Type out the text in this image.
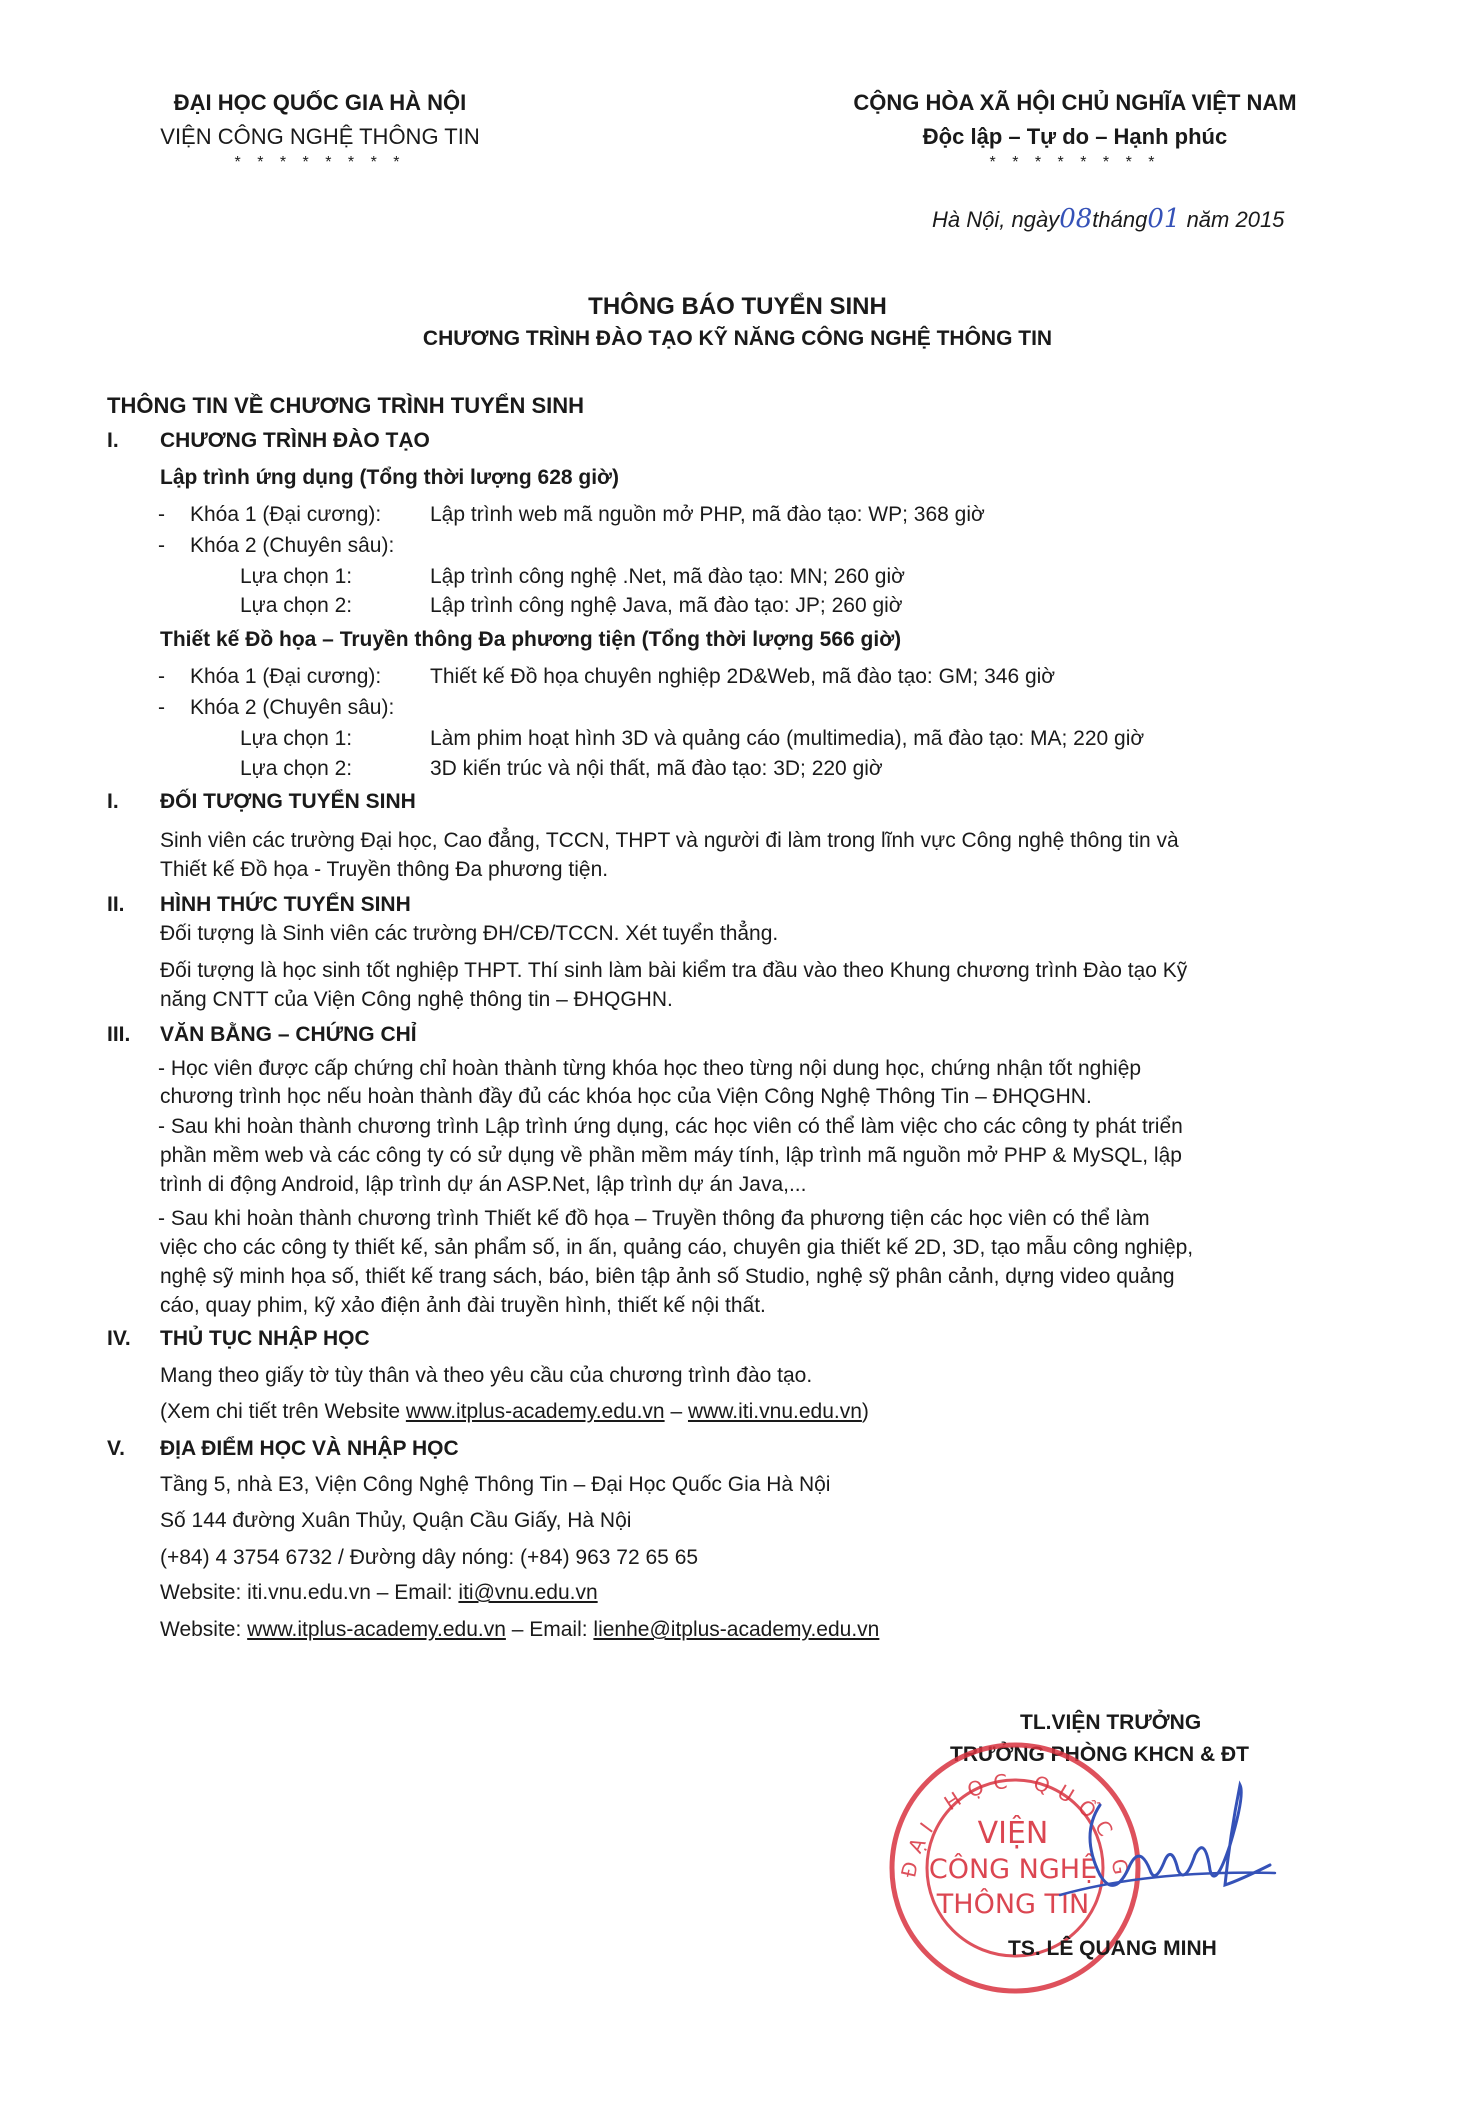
ĐẠI HỌC QUỐC GIA HÀ NỘI
VIỆN CÔNG NGHỆ THÔNG TIN
* * * * * * * *
CỘNG HÒA XÃ HỘI CHỦ NGHĨA VIỆT NAM
Độc lập – Tự do – Hạnh phúc
* * * * * * * *
Hà Nội, ngày08tháng01 năm 2015
THÔNG BÁO TUYỂN SINH
CHƯƠNG TRÌNH ĐÀO TẠO KỸ NĂNG CÔNG NGHỆ THÔNG TIN
THÔNG TIN VỀ CHƯƠNG TRÌNH TUYỂN SINH
I. CHƯƠNG TRÌNH ĐÀO TẠO
Lập trình ứng dụng (Tổng thời lượng 628 giờ)
- Khóa 1 (Đại cương): Lập trình web mã nguồn mở PHP, mã đào tạo: WP; 368 giờ
- Khóa 2 (Chuyên sâu):
Lựa chọn 1:	Lập trình công nghệ .Net, mã đào tạo: MN; 260 giờ
Lựa chọn 2:	Lập trình công nghệ Java, mã đào tạo: JP; 260 giờ
Thiết kế Đồ họa – Truyền thông Đa phương tiện (Tổng thời lượng 566 giờ)
- Khóa 1 (Đại cương): Thiết kế Đồ họa chuyên nghiệp 2D&Web, mã đào tạo: GM; 346 giờ
- Khóa 2 (Chuyên sâu):
Lựa chọn 1:	Làm phim hoạt hình 3D và quảng cáo (multimedia), mã đào tạo: MA; 220 giờ
Lựa chọn 2:	3D kiến trúc và nội thất, mã đào tạo: 3D; 220 giờ
I. ĐỐI TƯỢNG TUYỂN SINH
Sinh viên các trường Đại học, Cao đẳng, TCCN, THPT và người đi làm trong lĩnh vực Công nghệ thông tin và
Thiết kế Đồ họa - Truyền thông Đa phương tiện.
II. HÌNH THỨC TUYỂN SINH
Đối tượng là Sinh viên các trường ĐH/CĐ/TCCN. Xét tuyển thẳng.
Đối tượng là học sinh tốt nghiệp THPT. Thí sinh làm bài kiểm tra đầu vào theo Khung chương trình Đào tạo Kỹ
năng CNTT của Viện Công nghệ thông tin – ĐHQGHN.
III. VĂN BẰNG – CHỨNG CHỈ
- Học viên được cấp chứng chỉ hoàn thành từng khóa học theo từng nội dung học, chứng nhận tốt nghiệp
chương trình học nếu hoàn thành đầy đủ các khóa học của Viện Công Nghệ Thông Tin – ĐHQGHN.
- Sau khi hoàn thành chương trình Lập trình ứng dụng, các học viên có thể làm việc cho các công ty phát triển
phần mềm web và các công ty có sử dụng về phần mềm máy tính, lập trình mã nguồn mở PHP & MySQL, lập
trình di động Android, lập trình dự án ASP.Net, lập trình dự án Java,...
- Sau khi hoàn thành chương trình Thiết kế đồ họa – Truyền thông đa phương tiện các học viên có thể làm
việc cho các công ty thiết kế, sản phẩm số, in ấn, quảng cáo, chuyên gia thiết kế 2D, 3D, tạo mẫu công nghiệp,
nghệ sỹ minh họa số, thiết kế trang sách, báo, biên tập ảnh số Studio, nghệ sỹ phân cảnh, dựng video quảng
cáo, quay phim, kỹ xảo điện ảnh đài truyền hình, thiết kế nội thất.
IV. THỦ TỤC NHẬP HỌC
Mang theo giấy tờ tùy thân và theo yêu cầu của chương trình đào tạo.
(Xem chi tiết trên Website www.itplus-academy.edu.vn – www.iti.vnu.edu.vn)
V. ĐỊA ĐIỂM HỌC VÀ NHẬP HỌC
Tầng 5, nhà E3, Viện Công Nghệ Thông Tin – Đại Học Quốc Gia Hà Nội
Số 144 đường Xuân Thủy, Quận Cầu Giấy, Hà Nội
(+84) 4 3754 6732 / Đường dây nóng: (+84) 963 72 65 65
Website: iti.vnu.edu.vn – Email: iti@vnu.edu.vn
Website: www.itplus-academy.edu.vn – Email: lienhe@itplus-academy.edu.vn
TL.VIỆN TRƯỞNG
TRƯỞNG PHÒNG KHCN & ĐT
ĐẠI HỌC QUỐC G
VIỆN
CÔNG NGHỆ
THÔNG TIN
TS. LÊ QUANG MINH
